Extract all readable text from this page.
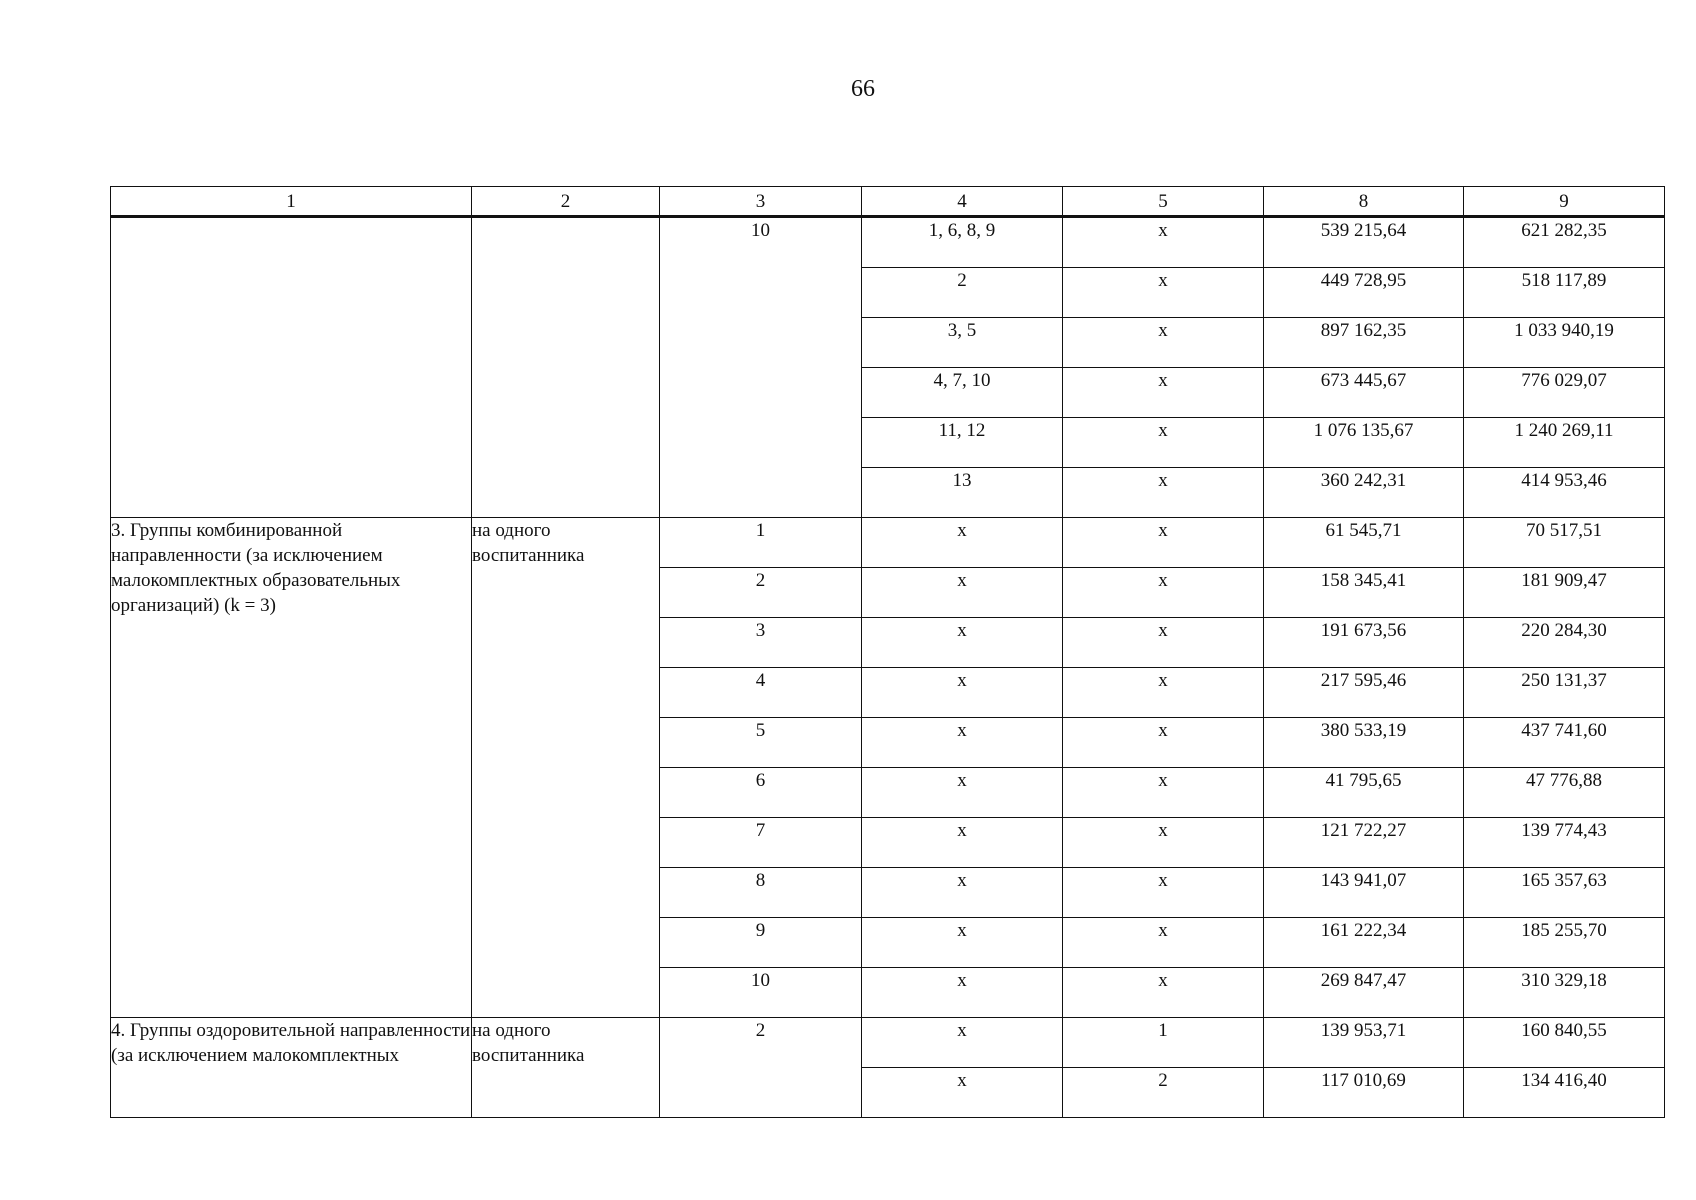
66
1	2	3	4	5	8	9
		10	1, 6, 8, 9	х	539 215,64	621 282,35
			2	х	449 728,95	518 117,89
			3, 5	х	897 162,35	1 033 940,19
			4, 7, 10	х	673 445,67	776 029,07
			11, 12	х	1 076 135,67	1 240 269,11
			13	х	360 242,31	414 953,46
3. Группы комбинированной направленности (за исключением малокомплектных образовательных организаций) (k = 3)	на одного воспитанника	1	х	х	61 545,71	70 517,51
		2	х	х	158 345,41	181 909,47
		3	х	х	191 673,56	220 284,30
		4	х	х	217 595,46	250 131,37
		5	х	х	380 533,19	437 741,60
		6	х	х	41 795,65	47 776,88
		7	х	х	121 722,27	139 774,43
		8	х	х	143 941,07	165 357,63
		9	х	х	161 222,34	185 255,70
		10	х	х	269 847,47	310 329,18
4. Группы оздоровительной направленности (за исключением малокомплектных	на одного воспитанника	2	х	1	139 953,71	160 840,55
			х	2	117 010,69	134 416,40
